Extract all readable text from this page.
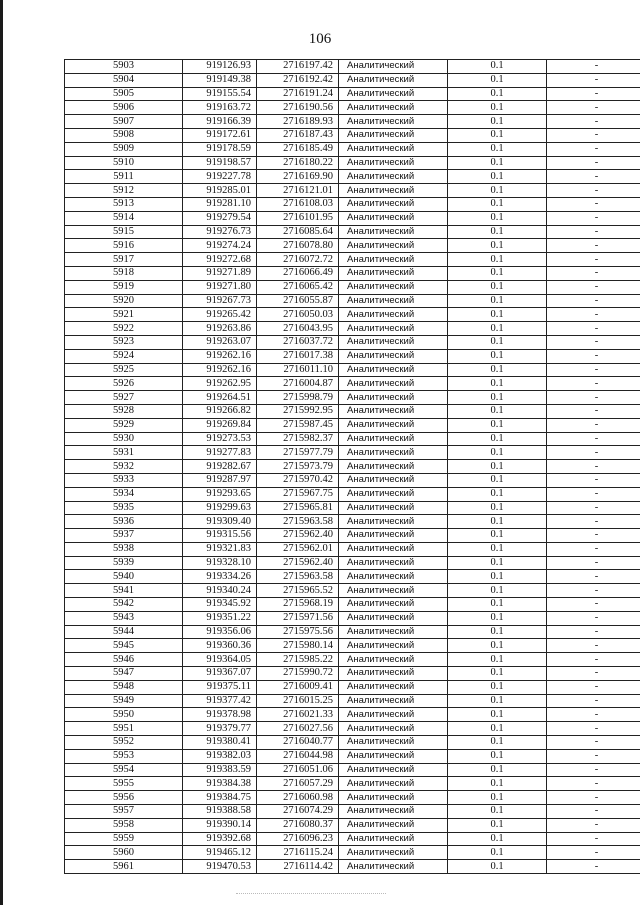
106
5903	919126.93	2716197.42	Аналитический	0.1	-
5904	919149.38	2716192.42	Аналитический	0.1	-
5905	919155.54	2716191.24	Аналитический	0.1	-
5906	919163.72	2716190.56	Аналитический	0.1	-
5907	919166.39	2716189.93	Аналитический	0.1	-
5908	919172.61	2716187.43	Аналитический	0.1	-
5909	919178.59	2716185.49	Аналитический	0.1	-
5910	919198.57	2716180.22	Аналитический	0.1	-
5911	919227.78	2716169.90	Аналитический	0.1	-
5912	919285.01	2716121.01	Аналитический	0.1	-
5913	919281.10	2716108.03	Аналитический	0.1	-
5914	919279.54	2716101.95	Аналитический	0.1	-
5915	919276.73	2716085.64	Аналитический	0.1	-
5916	919274.24	2716078.80	Аналитический	0.1	-
5917	919272.68	2716072.72	Аналитический	0.1	-
5918	919271.89	2716066.49	Аналитический	0.1	-
5919	919271.80	2716065.42	Аналитический	0.1	-
5920	919267.73	2716055.87	Аналитический	0.1	-
5921	919265.42	2716050.03	Аналитический	0.1	-
5922	919263.86	2716043.95	Аналитический	0.1	-
5923	919263.07	2716037.72	Аналитический	0.1	-
5924	919262.16	2716017.38	Аналитический	0.1	-
5925	919262.16	2716011.10	Аналитический	0.1	-
5926	919262.95	2716004.87	Аналитический	0.1	-
5927	919264.51	2715998.79	Аналитический	0.1	-
5928	919266.82	2715992.95	Аналитический	0.1	-
5929	919269.84	2715987.45	Аналитический	0.1	-
5930	919273.53	2715982.37	Аналитический	0.1	-
5931	919277.83	2715977.79	Аналитический	0.1	-
5932	919282.67	2715973.79	Аналитический	0.1	-
5933	919287.97	2715970.42	Аналитический	0.1	-
5934	919293.65	2715967.75	Аналитический	0.1	-
5935	919299.63	2715965.81	Аналитический	0.1	-
5936	919309.40	2715963.58	Аналитический	0.1	-
5937	919315.56	2715962.40	Аналитический	0.1	-
5938	919321.83	2715962.01	Аналитический	0.1	-
5939	919328.10	2715962.40	Аналитический	0.1	-
5940	919334.26	2715963.58	Аналитический	0.1	-
5941	919340.24	2715965.52	Аналитический	0.1	-
5942	919345.92	2715968.19	Аналитический	0.1	-
5943	919351.22	2715971.56	Аналитический	0.1	-
5944	919356.06	2715975.56	Аналитический	0.1	-
5945	919360.36	2715980.14	Аналитический	0.1	-
5946	919364.05	2715985.22	Аналитический	0.1	-
5947	919367.07	2715990.72	Аналитический	0.1	-
5948	919375.11	2716009.41	Аналитический	0.1	-
5949	919377.42	2716015.25	Аналитический	0.1	-
5950	919378.98	2716021.33	Аналитический	0.1	-
5951	919379.77	2716027.56	Аналитический	0.1	-
5952	919380.41	2716040.77	Аналитический	0.1	-
5953	919382.03	2716044.98	Аналитический	0.1	-
5954	919383.59	2716051.06	Аналитический	0.1	-
5955	919384.38	2716057.29	Аналитический	0.1	-
5956	919384.75	2716060.98	Аналитический	0.1	-
5957	919388.58	2716074.29	Аналитический	0.1	-
5958	919390.14	2716080.37	Аналитический	0.1	-
5959	919392.68	2716096.23	Аналитический	0.1	-
5960	919465.12	2716115.24	Аналитический	0.1	-
5961	919470.53	2716114.42	Аналитический	0.1	-
